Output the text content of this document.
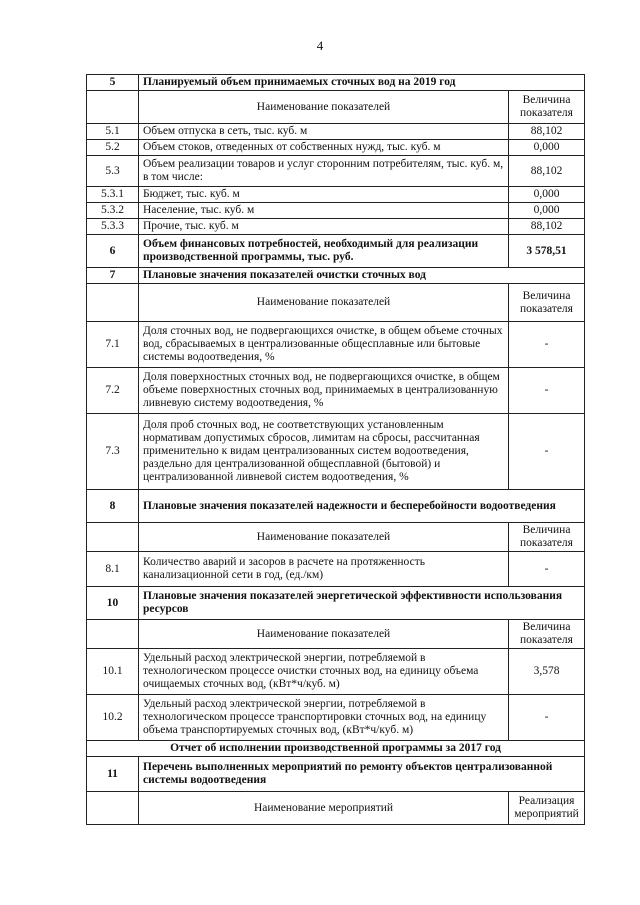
4
5	Планируемый объем принимаемых сточных вод на 2019 год	
	Наименование показателей	Величина показателя
5.1	Объем отпуска в сеть, тыс. куб. м	88,102
5.2	Объем стоков, отведенных от собственных нужд, тыс. куб. м	0,000
5.3	Объем реализации товаров и услуг сторонним потребителям, тыс. куб. м, в том числе:	88,102
5.3.1	Бюджет, тыс. куб. м	0,000
5.3.2	Население, тыс. куб. м	0,000
5.3.3	Прочие, тыс. куб. м	88,102
6	Объем финансовых потребностей, необходимый для реализации производственной программы, тыс. руб.	3 578,51
7	Плановые значения показателей очистки сточных вод	
	Наименование показателей	Величина показателя
7.1	Доля сточных вод, не подвергающихся очистке, в общем объеме сточных вод, сбрасываемых в централизованные общесплавные или бытовые системы водоотведения, %	-
7.2	Доля поверхностных сточных вод, не подвергающихся очистке, в общем объеме поверхностных сточных вод, принимаемых в централизованную ливневую систему водоотведения, %	-
7.3	Доля проб сточных вод, не соответствующих установленным нормативам допустимых сбросов, лимитам на сбросы, рассчитанная применительно к видам централизованных систем водоотведения, раздельно для централизованной общесплавной (бытовой) и централизованной ливневой систем водоотведения, %	-
8	Плановые значения показателей надежности и бесперебойности водоотведения	
	Наименование показателей	Величина показателя
8.1	Количество аварий и засоров в расчете на протяженность канализационной сети в год, (ед./км)	-
10	Плановые значения показателей энергетической эффективности использования ресурсов	
	Наименование показателей	Величина показателя
10.1	Удельный расход электрической энергии, потребляемой в технологическом процессе очистки сточных вод, на единицу объема очищаемых сточных вод, (кВт*ч/куб. м)	3,578
10.2	Удельный расход электрической энергии, потребляемой в технологическом процессе транспортировки сточных вод, на единицу объема транспортируемых сточных вод, (кВт*ч/куб. м)	-
Отчет об исполнении производственной программы за 2017 год		
11	Перечень выполненных мероприятий по ремонту объектов централизованной системы водоотведения	
	Наименование мероприятий	Реализация мероприятий
